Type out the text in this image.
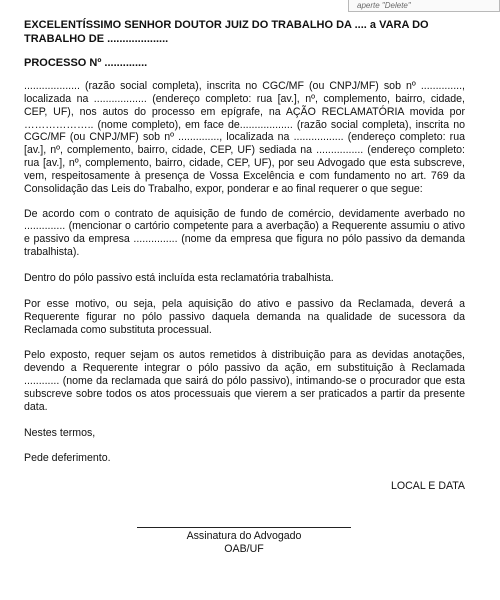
aperte "Delete"

EXCELENTÍSSIMO SENHOR DOUTOR JUIZ DO TRABALHO DA .... a VARA DO TRABALHO DE ....................

PROCESSO Nº ..............

................... (razão social completa), inscrita no CGC/MF (ou CNPJ/MF) sob nº .............., localizada na .................. (endereço completo: rua [av.], nº, complemento, bairro, cidade, CEP, UF), nos autos do processo em epígrafe, na AÇÃO RECLAMATÓRIA movida por ……………….. (nome completo), em face de.................. (razão social completa), inscrita no CGC/MF (ou CNPJ/MF) sob nº .............., localizada na ................. (endereço completo: rua [av.], nº, complemento, bairro, cidade, CEP, UF) sediada na ................ (endereço completo: rua [av.], nº, complemento, bairro, cidade, CEP, UF), por seu Advogado que esta subscreve, vem, respeitosamente à presença de Vossa Excelência e com fundamento no art. 769 da Consolidação das Leis do Trabalho, expor, ponderar e ao final requerer o que segue:

De acordo com o contrato de aquisição de fundo de comércio, devidamente averbado no .............. (mencionar o cartório competente para a averbação) a Requerente assumiu o ativo e passivo da empresa ............... (nome da empresa que figura no pólo passivo da demanda trabalhista).

Dentro do pólo passivo está incluída esta reclamatória trabalhista.

Por esse motivo, ou seja, pela aquisição do ativo e passivo da Reclamada, deverá a Requerente figurar no pólo passivo daquela demanda na qualidade de sucessora da Reclamada como substituta processual.

Pelo exposto, requer sejam os autos remetidos à distribuição para as devidas anotações, devendo a Requerente integrar o pólo passivo da ação, em substituição à Reclamada ............ (nome da reclamada que sairá do pólo passivo), intimando-se o procurador que esta subscreve sobre todos os atos processuais que vierem a ser praticados a partir da presente data.

Nestes termos,

Pede deferimento.

LOCAL E DATA

Assinatura do Advogado
OAB/UF
